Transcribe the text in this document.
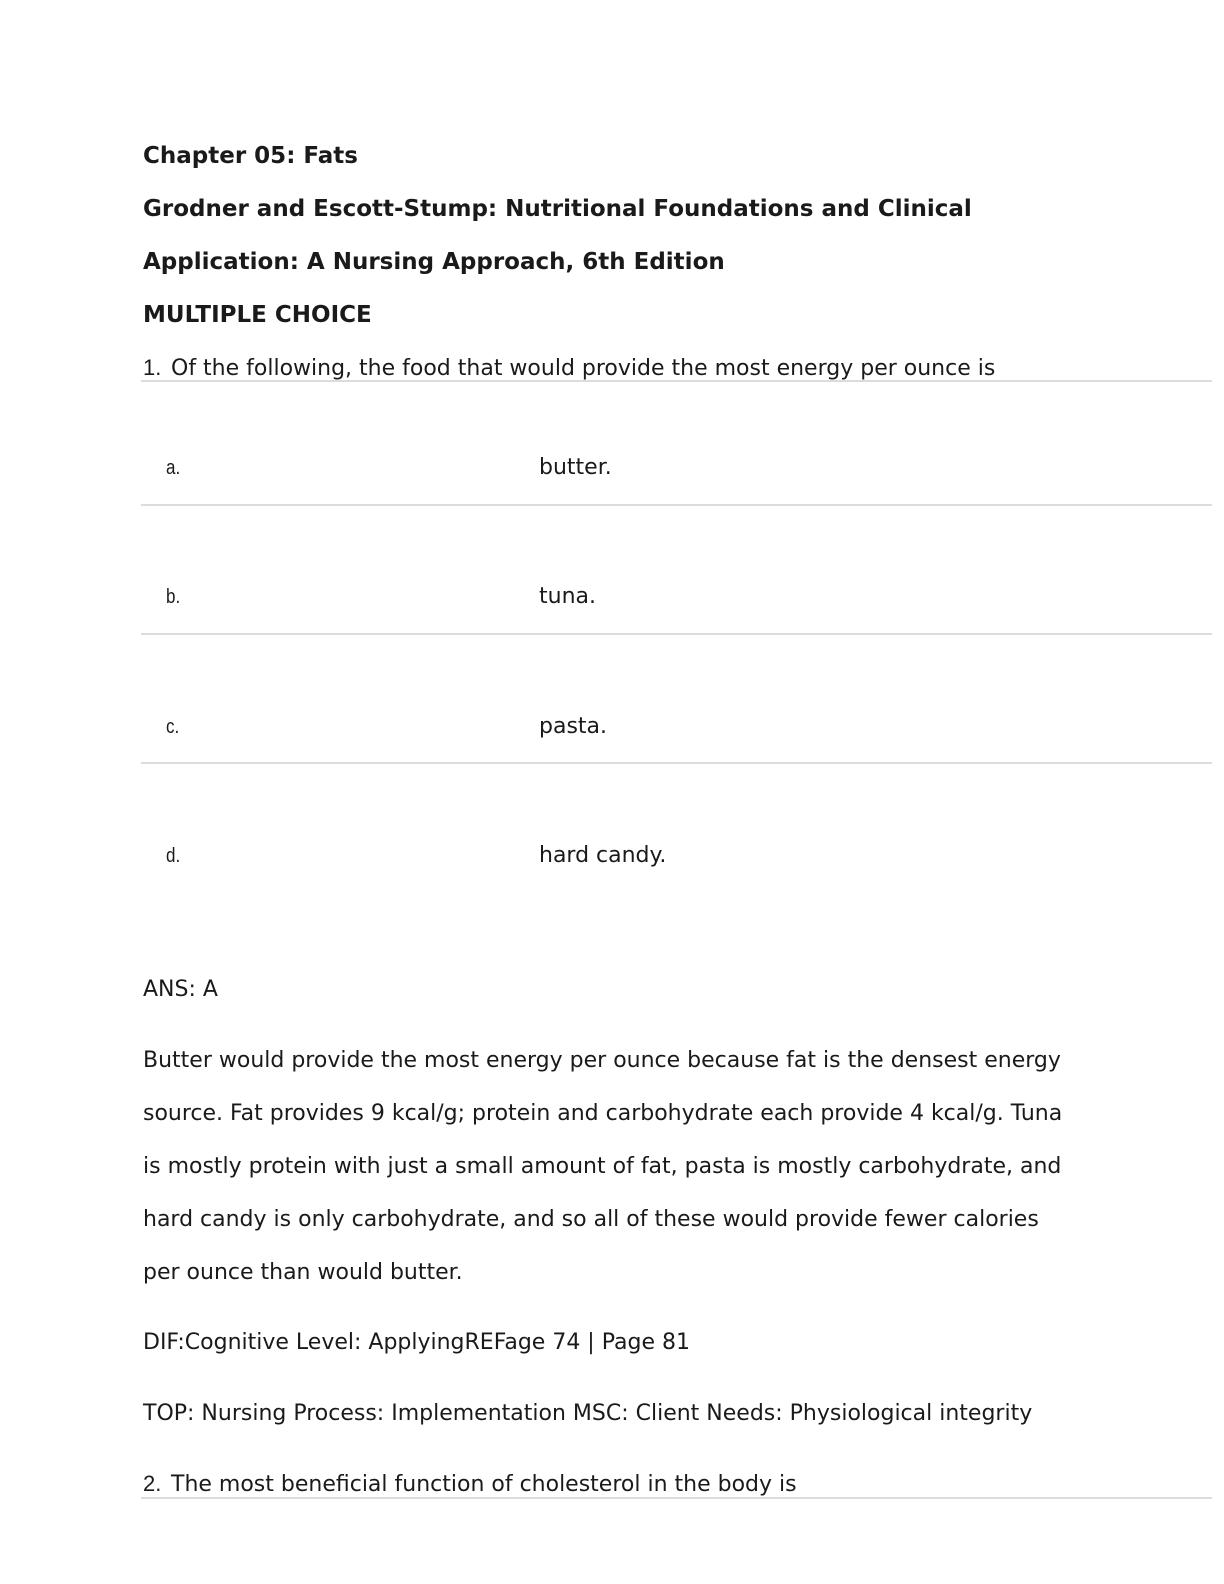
Chapter 05: Fats
Grodner and Escott-Stump: Nutritional Foundations and Clinical
Application: A Nursing Approach, 6th Edition
MULTIPLE CHOICE
1. Of the following, the food that would provide the most energy per ounce is
a.	butter.
b.	tuna.
c.	pasta.
d.	hard candy.
ANS: A
Butter would provide the most energy per ounce because fat is the densest energy source. Fat provides 9 kcal/g; protein and carbohydrate each provide 4 kcal/g. Tuna is mostly protein with just a small amount of fat, pasta is mostly carbohydrate, and hard candy is only carbohydrate, and so all of these would provide fewer calories per ounce than would butter.
DIF:Cognitive Level: ApplyingREFage 74 | Page 81
TOP: Nursing Process: Implementation MSC: Client Needs: Physiological integrity
2. The most beneficial function of cholesterol in the body is
